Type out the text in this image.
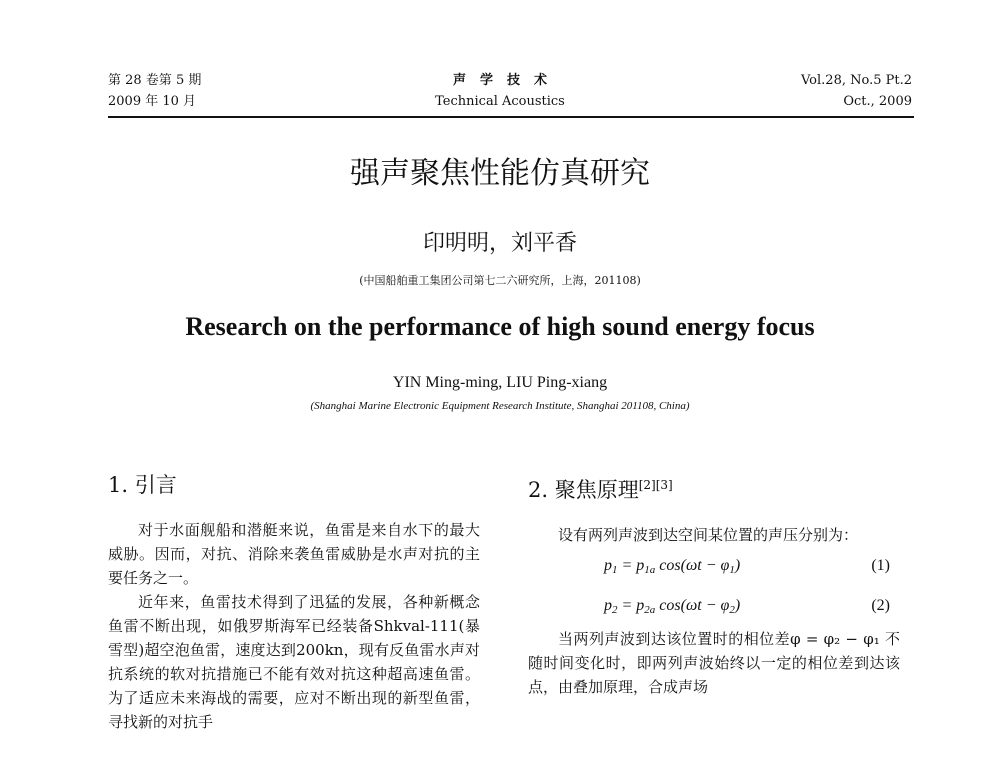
第 28 卷第 5 期
2009 年 10 月
声学技术
Technical Acoustics
Vol.28, No.5 Pt.2
Oct., 2009
强声聚焦性能仿真研究
印明明，刘平香
(中国船舶重工集团公司第七二六研究所，上海，201108)
Research on the performance of high sound energy focus
YIN Ming-ming, LIU Ping-xiang
(Shanghai Marine Electronic Equipment Research Institute, Shanghai 201108, China)
1. 引言

对于水面舰船和潜艇来说，鱼雷是来自水下的最大威胁。因而，对抗、消除来袭鱼雷威胁是水声对抗的主要任务之一。

近年来，鱼雷技术得到了迅猛的发展，各种新概念鱼雷不断出现，如俄罗斯海军已经装备Shkval-111(暴雪型)超空泡鱼雷，速度达到200kn，现有反鱼雷水声对抗系统的软对抗措施已不能有效对抗这种超高速鱼雷。为了适应未来海战的需要，应对不断出现的新型鱼雷，寻找新的对抗手

2. 聚焦原理[2][3]

设有两列声波到达空间某位置的声压分别为：

$p_1 = p_{1a}$ $\cos(\omega t - \varphi_1)$	(1)
$p_2 = p_{2a}$ $\cos(\omega t - \varphi_2)$	(2)

当两列声波到达该位置时的相位差φ = φ₂ − φ₁ 不随时间变化时，即两列声波始终以一定的相位差到达该点，由叠加原理，合成声场
